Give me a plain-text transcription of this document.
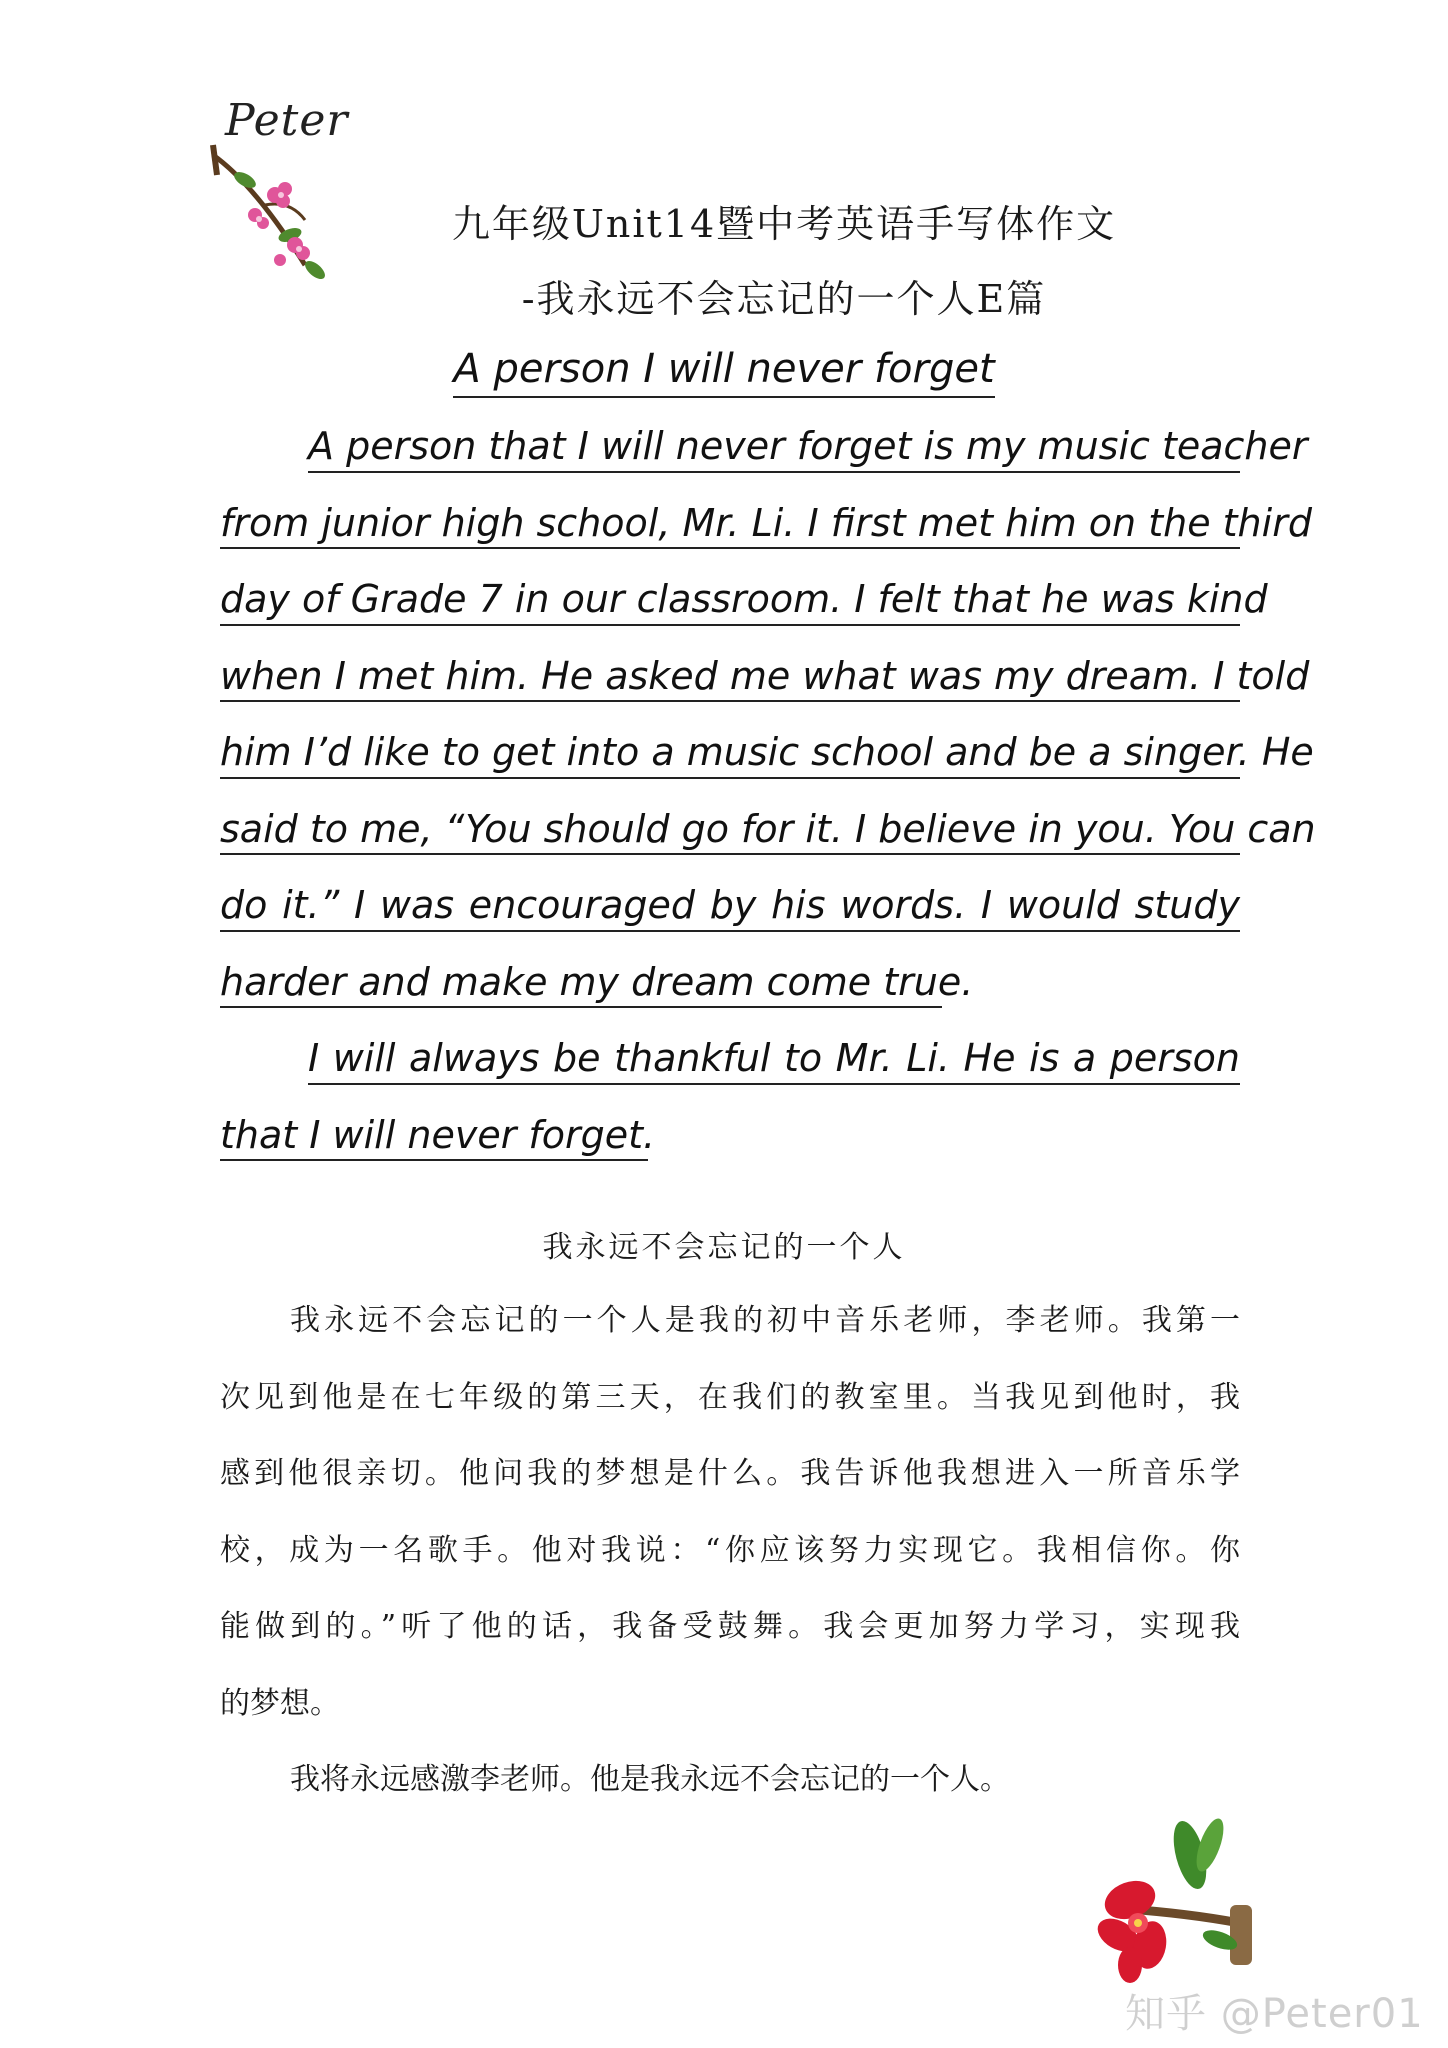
Peter
九年级Unit14暨中考英语手写体作文
-我永远不会忘记的一个人E篇
A person I will never forget
A person that I will never forget is my music teacher
from junior high school, Mr. Li. I first met him on the third
day of Grade 7 in our classroom. I felt that he was kind
when I met him. He asked me what was my dream. I told
him I’d like to get into a music school and be a singer. He
said to me, “You should go for it. I believe in you. You can
do it.” I was encouraged by his words. I would study
harder and make my dream come true.
I will always be thankful to Mr. Li. He is a person
that I will never forget.
我永远不会忘记的一个人
我永远不会忘记的一个人是我的初中音乐老师，李老师。我第一
次见到他是在七年级的第三天，在我们的教室里。当我见到他时，我
感到他很亲切。他问我的梦想是什么。我告诉他我想进入一所音乐学
校，成为一名歌手。他对我说：“你应该努力实现它。我相信你。你
能做到的。”听了他的话，我备受鼓舞。我会更加努力学习，实现我
的梦想。
我将永远感激李老师。他是我永远不会忘记的一个人。
知乎 @Peter01
